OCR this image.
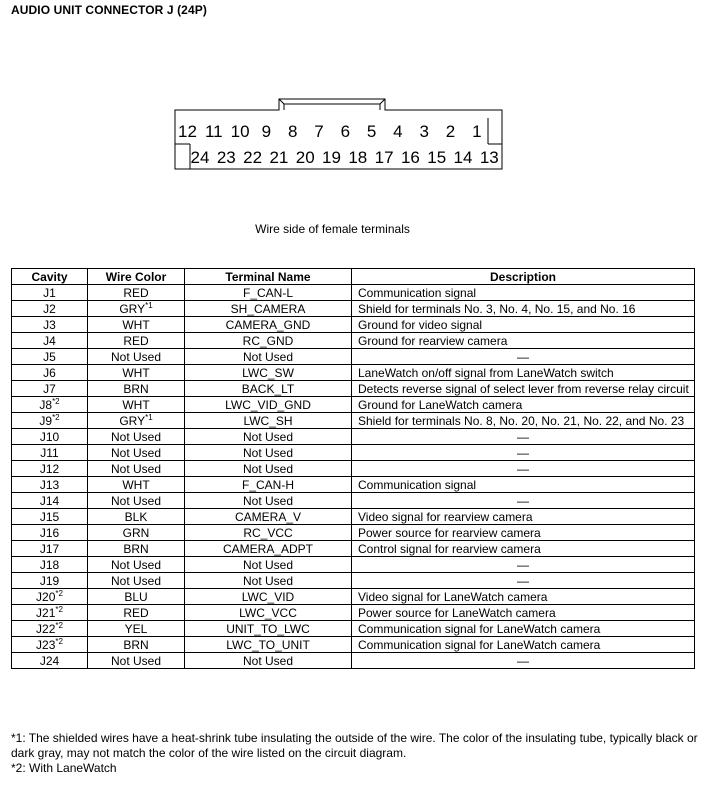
AUDIO UNIT CONNECTOR J (24P)
12 11 10 9 8 7 6 5 4 3 2 1
24 23 22 21 20 19 18 17 16 15 14 13
Wire side of female terminals
Cavity	Wire Color	Terminal Name	Description
J1	RED	F_CAN-L	Communication signal
J2	GRY$^{*1}$	SH_CAMERA	Shield for terminals No. 3, No. 4, No. 15, and No. 16
J3	WHT	CAMERA_GND	Ground for video signal
J4	RED	RC_GND	Ground for rearview camera
J5	Not Used	Not Used	—
J6	WHT	LWC_SW	LaneWatch on/off signal from LaneWatch switch
J7	BRN	BACK_LT	Detects reverse signal of select lever from reverse relay circuit
J8$^{*2}$	WHT	LWC_VID_GND	Ground for LaneWatch camera
J9$^{*2}$	GRY$^{*1}$	LWC_SH	Shield for terminals No. 8, No. 20, No. 21, No. 22, and No. 23
J10	Not Used	Not Used	—
J11	Not Used	Not Used	—
J12	Not Used	Not Used	—
J13	WHT	F_CAN-H	Communication signal
J14	Not Used	Not Used	—
J15	BLK	CAMERA_V	Video signal for rearview camera
J16	GRN	RC_VCC	Power source for rearview camera
J17	BRN	CAMERA_ADPT	Control signal for rearview camera
J18	Not Used	Not Used	—
J19	Not Used	Not Used	—
J20$^{*2}$	BLU	LWC_VID	Video signal for LaneWatch camera
J21$^{*2}$	RED	LWC_VCC	Power source for LaneWatch camera
J22$^{*2}$	YEL	UNIT_TO_LWC	Communication signal for LaneWatch camera
J23$^{*2}$	BRN	LWC_TO_UNIT	Communication signal for LaneWatch camera
J24	Not Used	Not Used	—
*1: The shielded wires have a heat-shrink tube insulating the outside of the wire. The color of the insulating tube, typically black or dark gray, may not match the color of the wire listed on the circuit diagram.
*2: With LaneWatch
